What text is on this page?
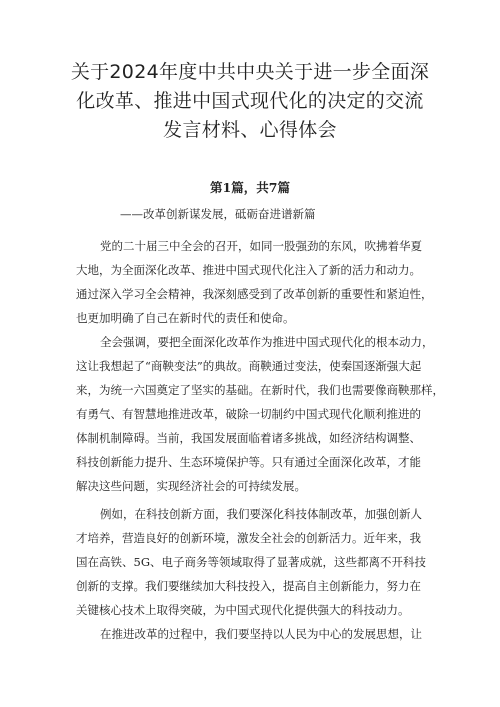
关于2024年度中共中央关于进一步全面深
化改革、推进中国式现代化的决定的交流
发言材料、心得体会
第1篇，共7篇
——改革创新谋发展，砥砺奋进谱新篇

党的二十届三中全会的召开，如同一股强劲的东风，吹拂着华夏
大地，为全面深化改革、推进中国式现代化注入了新的活力和动力。
通过深入学习全会精神，我深刻感受到了改革创新的重要性和紧迫性，
也更加明确了自己在新时代的责任和使命。

全会强调，要把全面深化改革作为推进中国式现代化的根本动力，
这让我想起了“商鞅变法”的典故。商鞅通过变法，使秦国逐渐强大起
来，为统一六国奠定了坚实的基础。在新时代，我们也需要像商鞅那样，
有勇气、有智慧地推进改革，破除一切制约中国式现代化顺利推进的
体制机制障碍。当前，我国发展面临着诸多挑战，如经济结构调整、
科技创新能力提升、生态环境保护等。只有通过全面深化改革，才能
解决这些问题，实现经济社会的可持续发展。

例如，在科技创新方面，我们要深化科技体制改革，加强创新人
才培养，营造良好的创新环境，激发全社会的创新活力。近年来，我
国在高铁、5G、电子商务等领域取得了显著成就，这些都离不开科技
创新的支撑。我们要继续加大科技投入，提高自主创新能力，努力在
关键核心技术上取得突破，为中国式现代化提供强大的科技动力。

在推进改革的过程中，我们要坚持以人民为中心的发展思想，让
